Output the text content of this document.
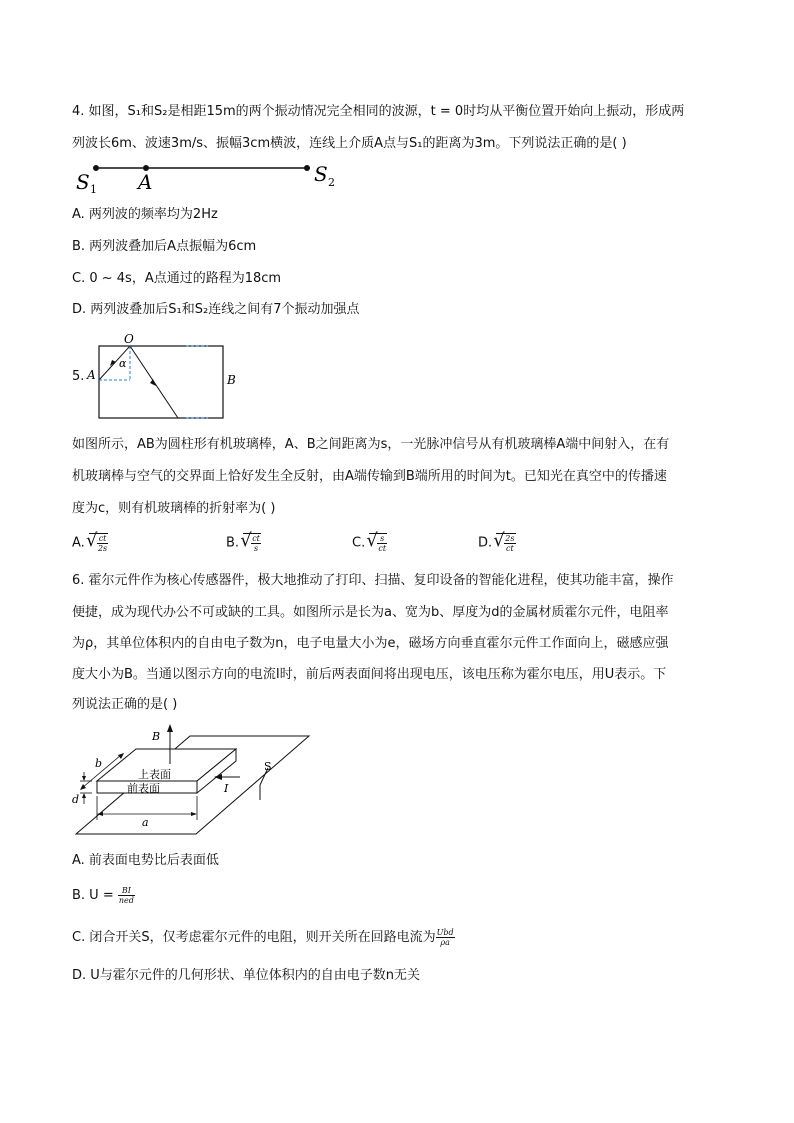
4. 如图，S₁和S₂是相距15m的两个振动情况完全相同的波源，t = 0时均从平衡位置开始向上振动，形成两
列波长6m、波速3m/s、振幅3cm横波，连线上介质A点与S₁的距离为3m。下列说法正确的是( )
S 1 A	S 2
A. 两列波的频率均为2Hz
B. 两列波叠加后A点振幅为6cm
C. 0 ~ 4s，A点通过的路程为18cm
D. 两列波叠加后S₁和S₂连线之间有7个振动加强点
5.
O
α
A	B
如图所示，AB为圆柱形有机玻璃棒，A、B之间距离为s，一光脉冲信号从有机玻璃棒A端中间射入，在有
机玻璃棒与空气的交界面上恰好发生全反射，由A端传输到B端所用的时间为t。已知光在真空中的传播速
度为c，则有机玻璃棒的折射率为( )
A. √ $\frac{ct}{2s}$	B. √ $\frac{ct}{s}$	C. √ $\frac{s}{ct}$	D. √ $\frac{2s}{ct}$
6. 霍尔元件作为核心传感器件，极大地推动了打印、扫描、复印设备的智能化进程，使其功能丰富，操作
便捷，成为现代办公不可或缺的工具。如图所示是长为a、宽为b、厚度为d的金属材质霍尔元件，电阻率
为ρ，其单位体积内的自由电子数为n，电子电量大小为e，磁场方向垂直霍尔元件工作面向上，磁感应强
度大小为B。当通以图示方向的电流I时，前后两表面间将出现电压，该电压称为霍尔电压，用U表示。下
列说法正确的是( )
B
b
上表面
前表面
d
a
I
S
A. 前表面电势比后表面低
B. $U = \frac{BI}{\text{ned}}$
C. 闭合开关S，仅考虑霍尔元件的电阻，则开关所在回路电流为 $\frac{\text{Ubd}}{\rho a}$
D. U与霍尔元件的几何形状、单位体积内的自由电子数n无关
